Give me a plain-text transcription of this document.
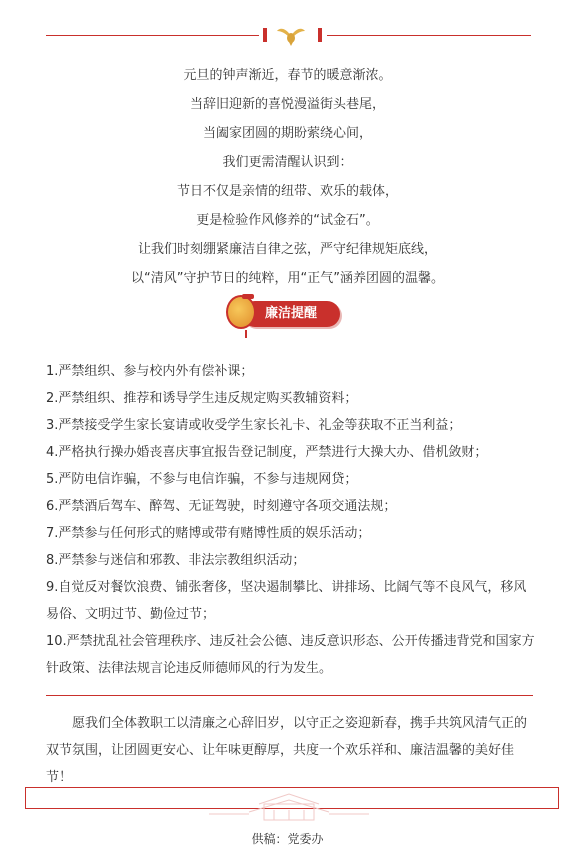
元旦的钟声渐近，春节的暖意渐浓。
当辞旧迎新的喜悦漫溢街头巷尾，
当阖家团圆的期盼萦绕心间，
我们更需清醒认识到：
节日不仅是亲情的纽带、欢乐的载体，
更是检验作风修养的“试金石”。
让我们时刻绷紧廉洁自律之弦，严守纪律规矩底线，
以“清风”守护节日的纯粹，用“正气”涵养团圆的温馨。
廉洁提醒

1.严禁组织、参与校内外有偿补课；

2.严禁组织、推荐和诱导学生违反规定购买教辅资料；

3.严禁接受学生家长宴请或收受学生家长礼卡、礼金等获取不正当利益；

4.严格执行操办婚丧喜庆事宜报告登记制度，严禁进行大操大办、借机敛财；

5.严防电信诈骗，不参与电信诈骗，不参与违规网贷；

6.严禁酒后驾车、醉驾、无证驾驶，时刻遵守各项交通法规；

7.严禁参与任何形式的赌博或带有赌博性质的娱乐活动；

8.严禁参与迷信和邪教、非法宗教组织活动；

9.自觉反对餐饮浪费、铺张奢侈，坚决遏制攀比、讲排场、比阔气等不良风气，移风易俗、文明过节、勤俭过节；

10.严禁扰乱社会管理秩序、违反社会公德、违反意识形态、公开传播违背党和国家方针政策、法律法规言论违反师德师风的行为发生。

愿我们全体教职工以清廉之心辞旧岁，以守正之姿迎新春，携手共筑风清气正的双节氛围，让团圆更安心、让年味更醇厚，共度一个欢乐祥和、廉洁温馨的美好佳节！

供稿：党委办
